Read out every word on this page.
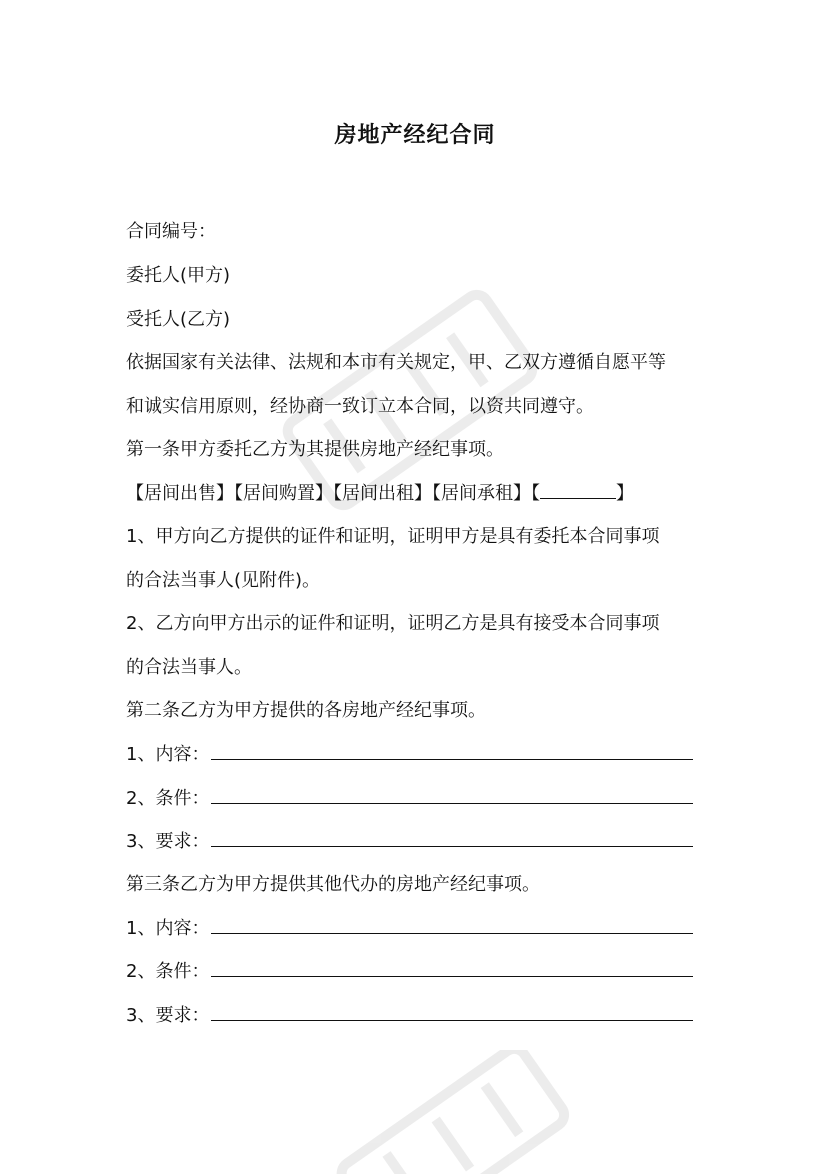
房地产经纪合同
合同编号：
委托人(甲方)
受托人(乙方)
依据国家有关法律、法规和本市有关规定，甲、乙双方遵循自愿平等
和诚实信用原则，经协商一致订立本合同，以资共同遵守。
第一条甲方委托乙方为其提供房地产经纪事项。
【居间出售】【居间购置】【居间出租】【居间承租】【	】
1、甲方向乙方提供的证件和证明，证明甲方是具有委托本合同事项
的合法当事人(见附件)。
2、乙方向甲方出示的证件和证明，证明乙方是具有接受本合同事项
的合法当事人。
第二条乙方为甲方提供的各房地产经纪事项。
1、内容：
2、条件：
3、要求：
第三条乙方为甲方提供其他代办的房地产经纪事项。
1、内容：
2、条件：
3、要求：
